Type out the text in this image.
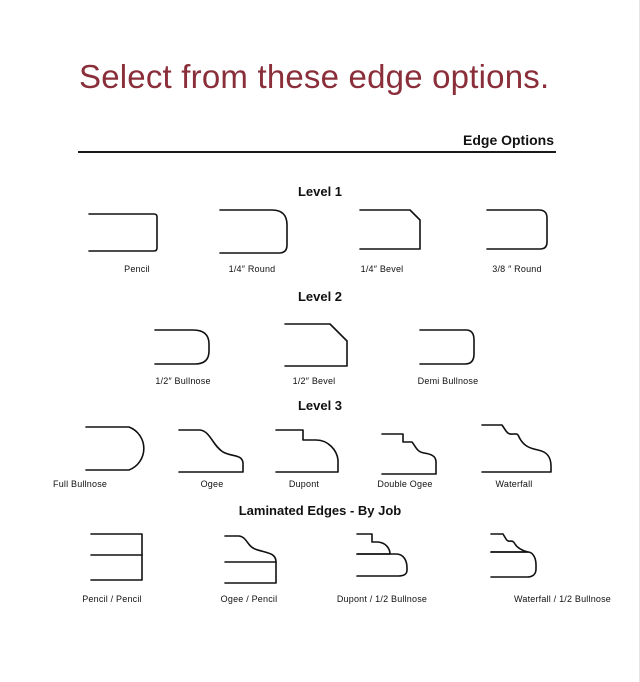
Select from these edge options.
Edge Options
Level 1
Pencil	1/4″ Round	1/4″ Bevel	3/8 ″ Round
Level 2
1/2″ Bullnose	1/2″ Bevel	Demi Bullnose
Level 3
Full Bullnose	Ogee	Dupont	Double Ogee	Waterfall
Laminated Edges - By Job
Pencil / Pencil	Ogee / Pencil	Dupont / 1/2 Bullnose	Waterfall / 1/2 Bullnose
